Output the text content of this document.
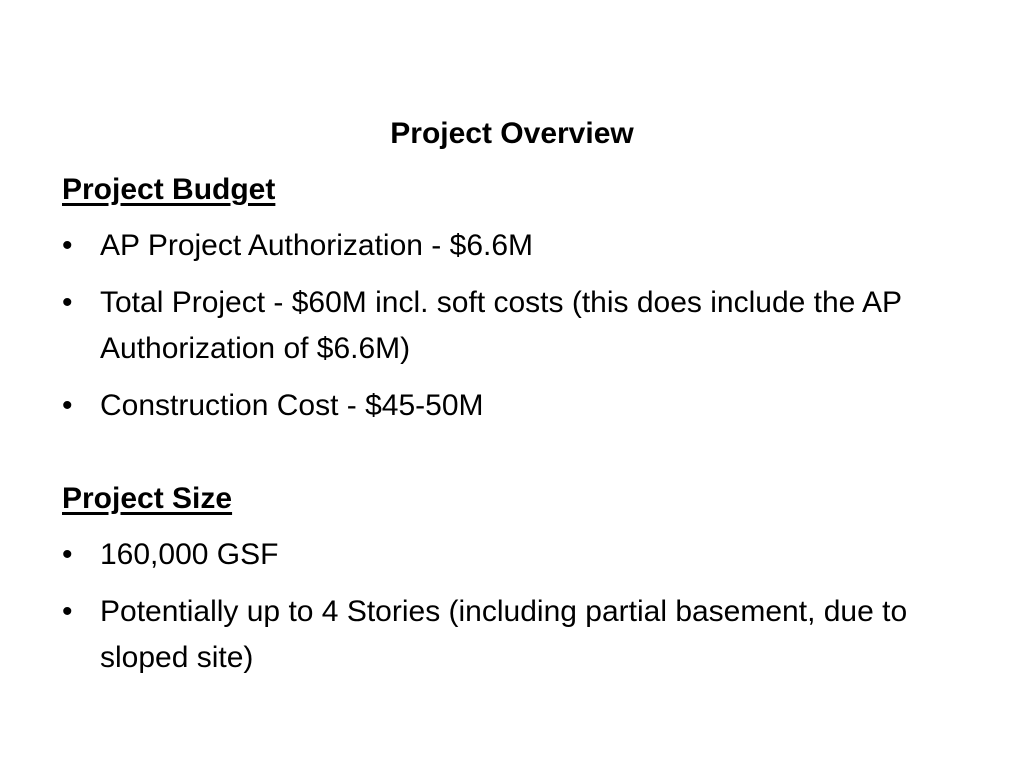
Project Overview

Project Budget

• AP Project Authorization - $6.6M
• Total Project - $60M incl. soft costs (this does include the AP Authorization of $6.6M)
• Construction Cost - $45-50M

Project Size

• 160,000 GSF
• Potentially up to 4 Stories (including partial basement, due to sloped site)
